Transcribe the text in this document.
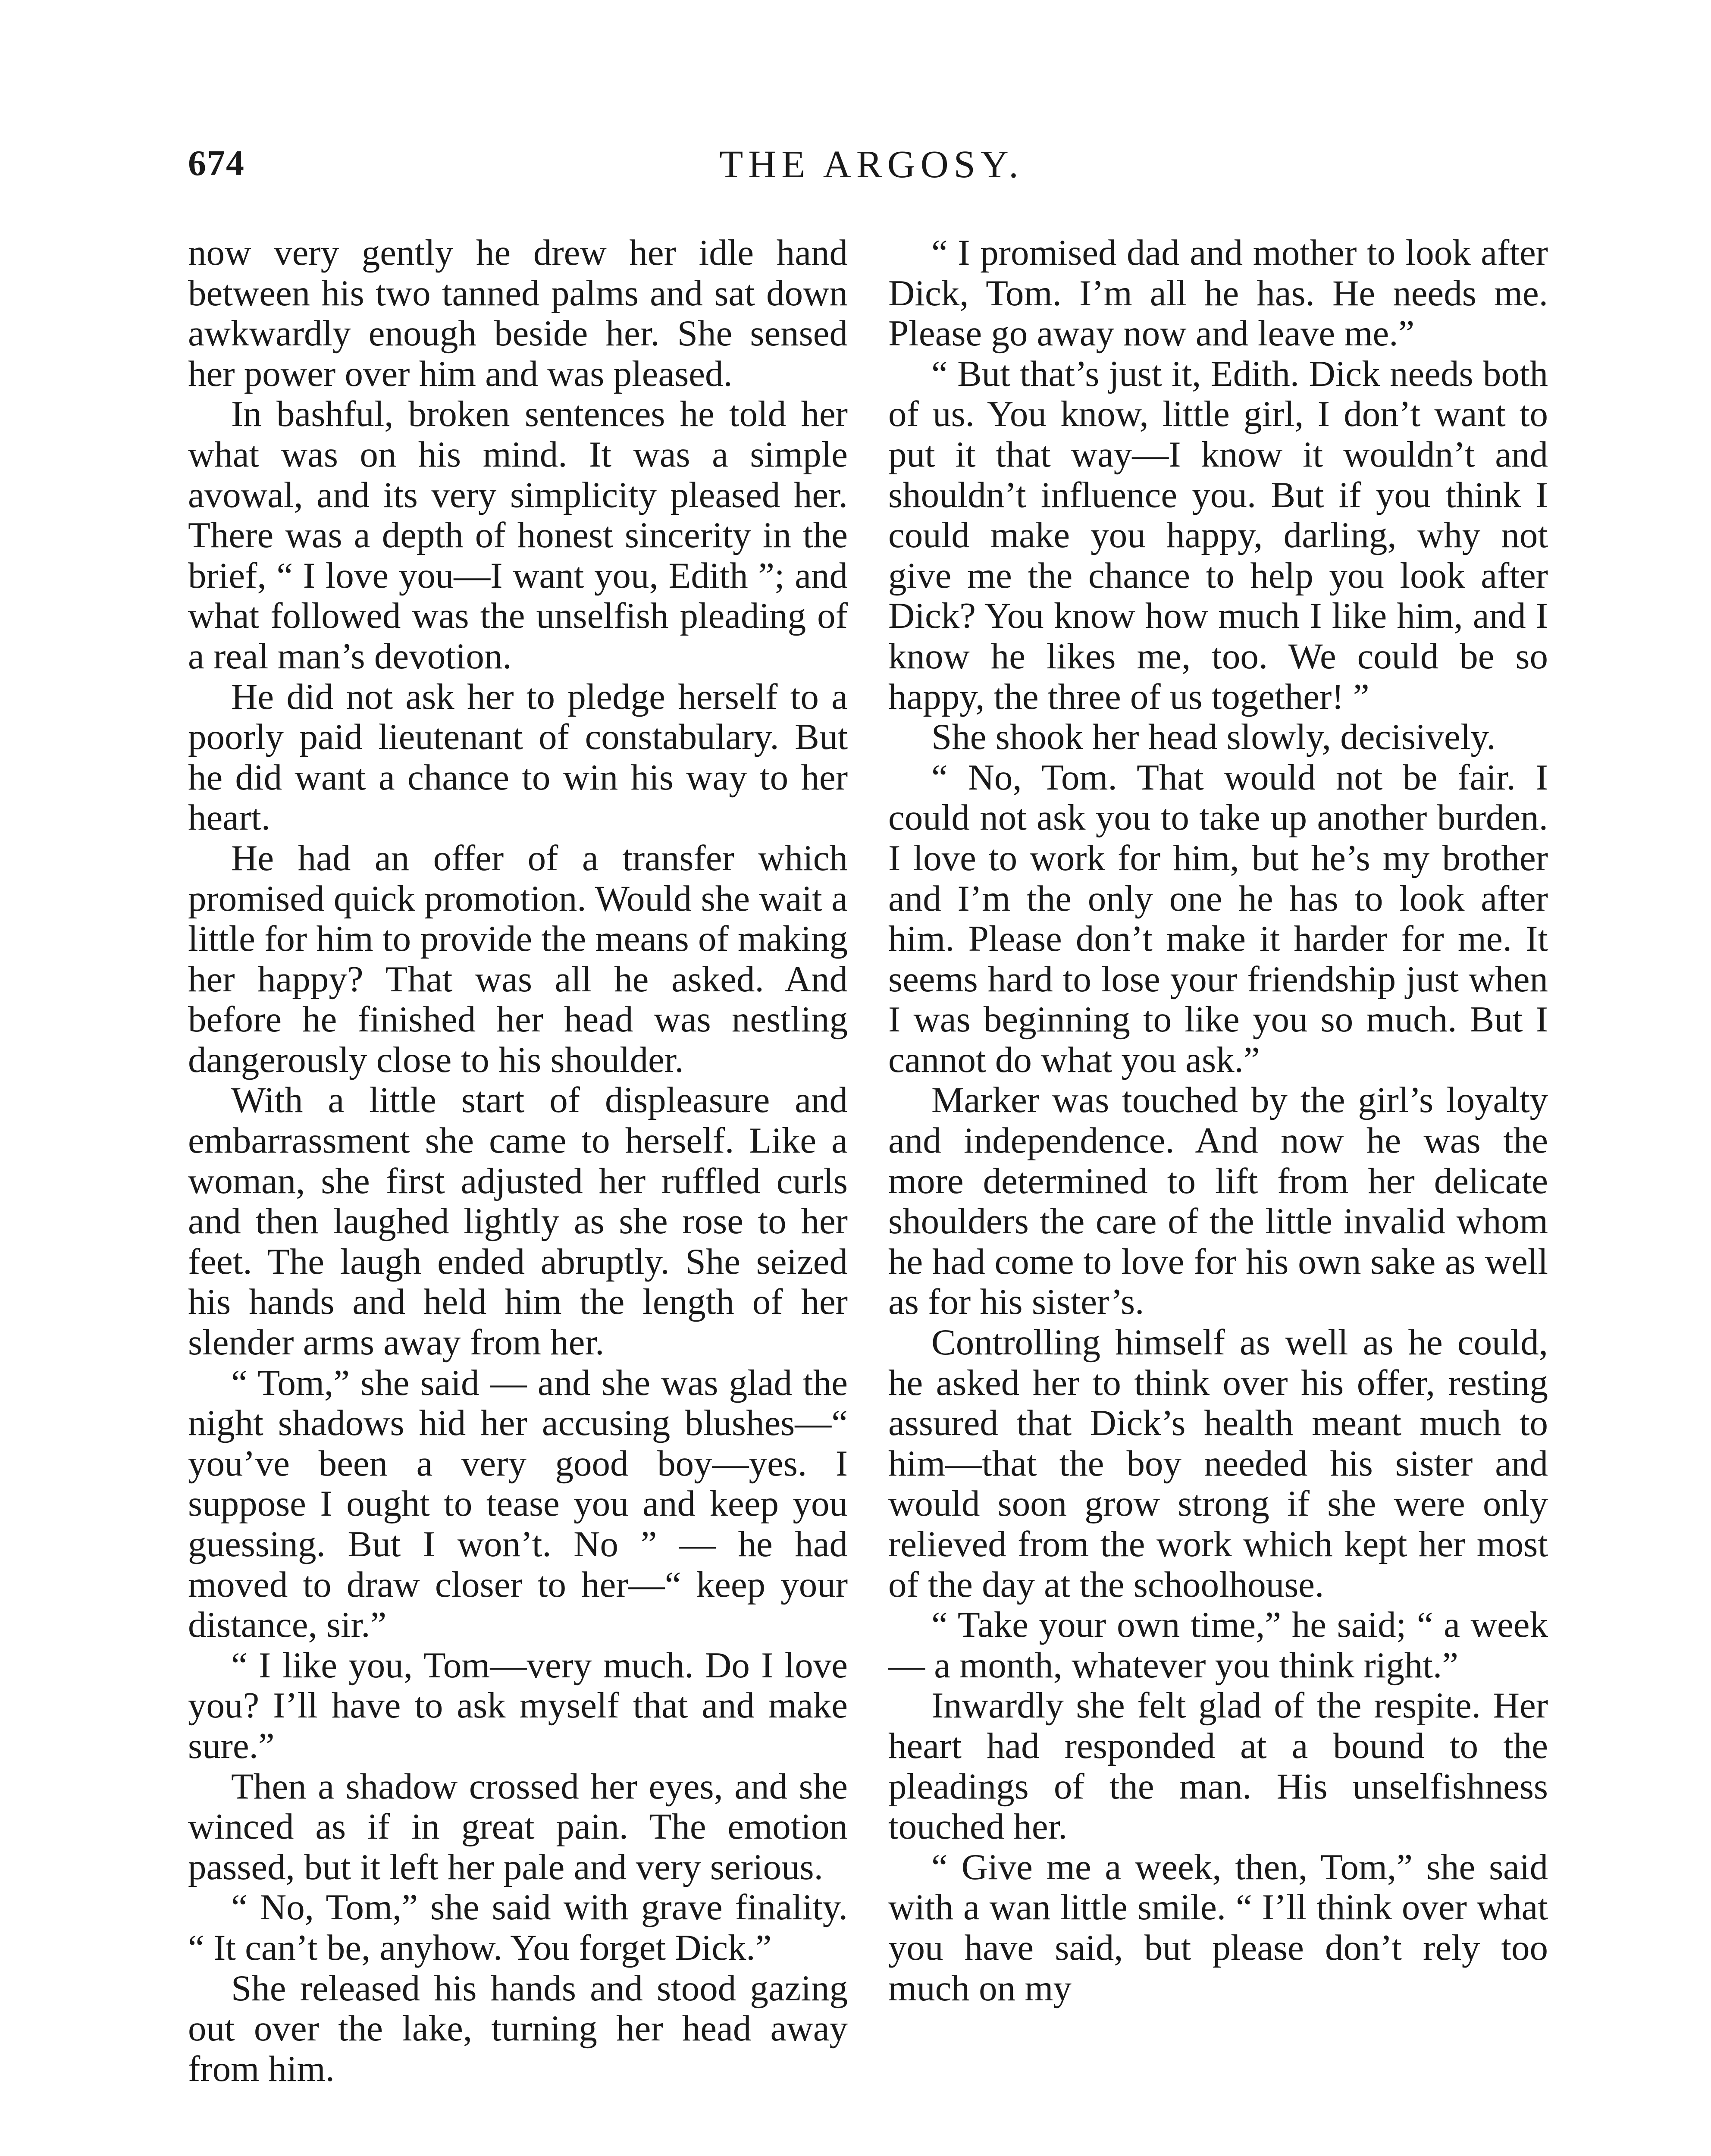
674	THE ARGOSY.

now very gently he drew her idle hand between his two tanned palms and sat down awkwardly enough beside her. She sensed her power over him and was pleased.

In bashful, broken sentences he told her what was on his mind. It was a simple avowal, and its very simplicity pleased her. There was a depth of honest sincerity in the brief, “ I love you—I want you, Edith ”; and what followed was the unselfish pleading of a real man’s devotion.

He did not ask her to pledge herself to a poorly paid lieutenant of constabulary. But he did want a chance to win his way to her heart.

He had an offer of a transfer which promised quick promotion. Would she wait a little for him to provide the means of making her happy? That was all he asked. And before he finished her head was nestling dangerously close to his shoulder.

With a little start of displeasure and embarrassment she came to herself. Like a woman, she first adjusted her ruffled curls and then laughed lightly as she rose to her feet. The laugh ended abruptly. She seized his hands and held him the length of her slender arms away from her.

“ Tom,” she said — and she was glad the night shadows hid her accusing blushes—“ you’ve been a very good boy—yes. I suppose I ought to tease you and keep you guessing. But I won’t. No ” — he had moved to draw closer to her—“ keep your distance, sir.”

“ I like you, Tom—very much. Do I love you? I’ll have to ask myself that and make sure.”

Then a shadow crossed her eyes, and she winced as if in great pain. The emotion passed, but it left her pale and very serious.

“ No, Tom,” she said with grave finality. “ It can’t be, anyhow. You forget Dick.”

She released his hands and stood gazing out over the lake, turning her head away from him.

“ I promised dad and mother to look after Dick, Tom. I’m all he has. He needs me. Please go away now and leave me.”

“ But that’s just it, Edith. Dick needs both of us. You know, little girl, I don’t want to put it that way—I know it wouldn’t and shouldn’t influence you. But if you think I could make you happy, darling, why not give me the chance to help you look after Dick? You know how much I like him, and I know he likes me, too. We could be so happy, the three of us together! ”

She shook her head slowly, decisively.

“ No, Tom. That would not be fair. I could not ask you to take up another burden. I love to work for him, but he’s my brother and I’m the only one he has to look after him. Please don’t make it harder for me. It seems hard to lose your friendship just when I was beginning to like you so much. But I cannot do what you ask.”

Marker was touched by the girl’s loyalty and independence. And now he was the more determined to lift from her delicate shoulders the care of the little invalid whom he had come to love for his own sake as well as for his sister’s.

Controlling himself as well as he could, he asked her to think over his offer, resting assured that Dick’s health meant much to him—that the boy needed his sister and would soon grow strong if she were only relieved from the work which kept her most of the day at the schoolhouse.

“ Take your own time,” he said; “ a week — a month, whatever you think right.”

Inwardly she felt glad of the respite. Her heart had responded at a bound to the pleadings of the man. His unselfishness touched her.

“ Give me a week, then, Tom,” she said with a wan little smile. “ I’ll think over what you have said, but please don’t rely too much on my
